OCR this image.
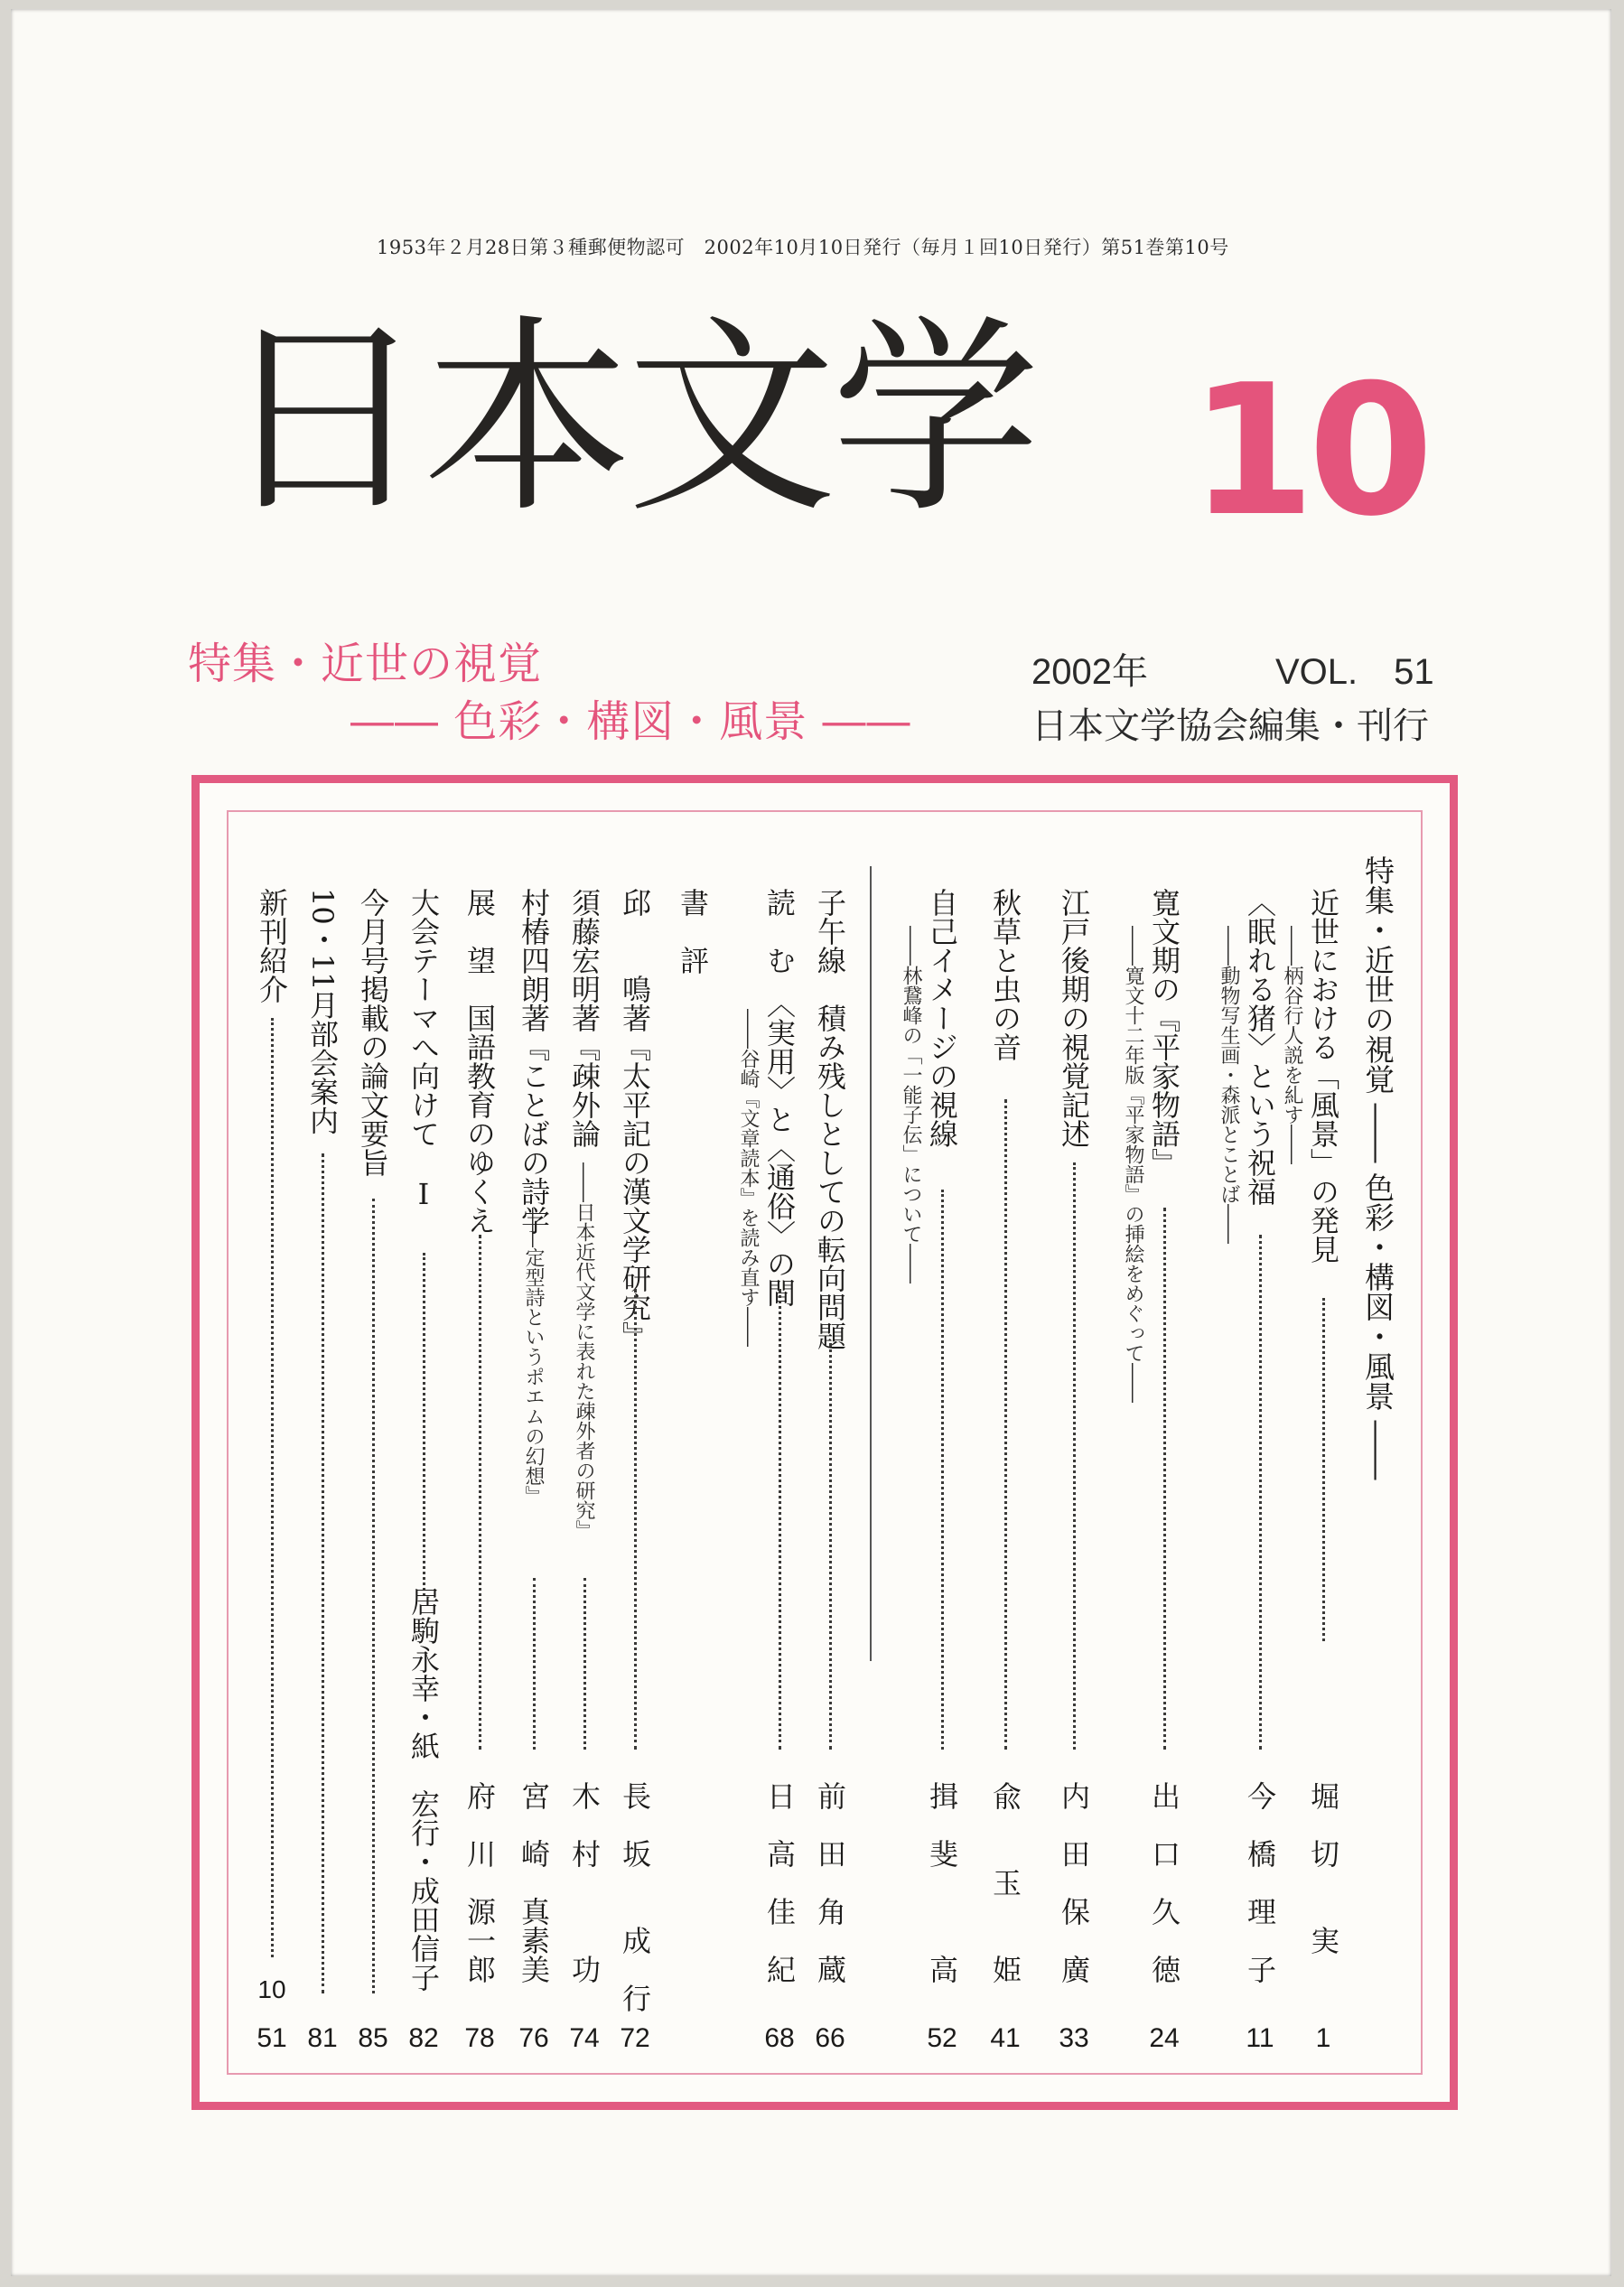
1953年２月28日第３種郵便物認可　2002年10月10日発行（毎月１回10日発行）第51巻第10号
日本文学 10
特集・近世の視覚
―― 色彩・構図・風景 ――
2002年	VOL.　51
日本文学協会編集・刊行
特集・近世の視覚 ―― 色彩・構図・風景 ――
近世における「風景」の発見
――柄谷行人説を糺す――
堀　切　　実
1
〈眠れる猪〉という祝福
――動物写生画・森派とことば――
今　橋　理　子
11
寛文期の『平家物語』
――寛文十二年版『平家物語』の挿絵をめぐって――
出　口　久　徳
24
江戸後期の視覚記述
内　田　保　廣
33
秋草と虫の音
兪　　玉　　姫
41
自己イメージの視線
――林鵞峰の「一能子伝」について――
揖　斐　　　高
52
子午線　積み残しとしての転向問題
前　田　角　蔵
66
読　む　〈実用〉と〈通俗〉の間
――谷崎『文章読本』を読み直す――
日　高　佳　紀
68
書　評
邱　　鳴著『太平記の漢文学研究』
長　坂　　成　行
72
須藤宏明著『疎外論
――日本近代文学に表れた疎外者の研究』
木　村　　　功
74
村椿四朗著『ことばの詩学
――定型詩というポエムの幻想』
宮　崎　真素美
76
展　望　国語教育のゆくえ
府　川　源一郎
78
大会テーマへ向けて　Ⅰ
居駒永幸・紙　宏行・成田信子
82
今月号掲載の論文要旨
85
10・11月部会案内
81
新刊紹介
10
51
